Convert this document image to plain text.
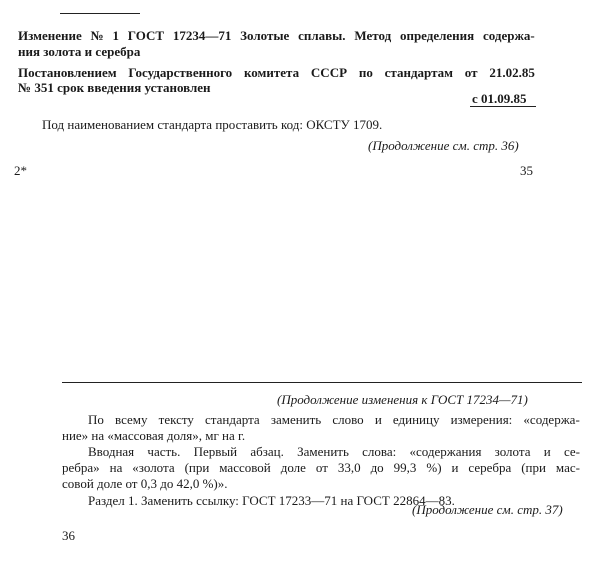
Изменение № 1 ГОСТ 17234—71 Золотые сплавы. Метод определения содержа-
ния золота и серебра
Постановлением Государственного комитета СССР по стандартам от 21.02.85
№ 351 срок введения установлен
с 01.09.85
Под наименованием стандарта проставить код: ОКСТУ 1709.
(Продолжение см. стр. 36)
2*	35
(Продолжение изменения к ГОСТ 17234—71)
По всему тексту стандарта заменить слово и единицу измерения: «содержа-
ние» на «массовая доля», мг на г.
Вводная часть. Первый абзац. Заменить слова: «содержания золота и се-
ребра» на «золота (при массовой доле от 33,0 до 99,3 %) и серебра (при мас-
совой доле от 0,3 до 42,0 %)».
Раздел 1. Заменить ссылку: ГОСТ 17233—71 на ГОСТ 22864—83.
(Продолжение см. стр. 37)
36
